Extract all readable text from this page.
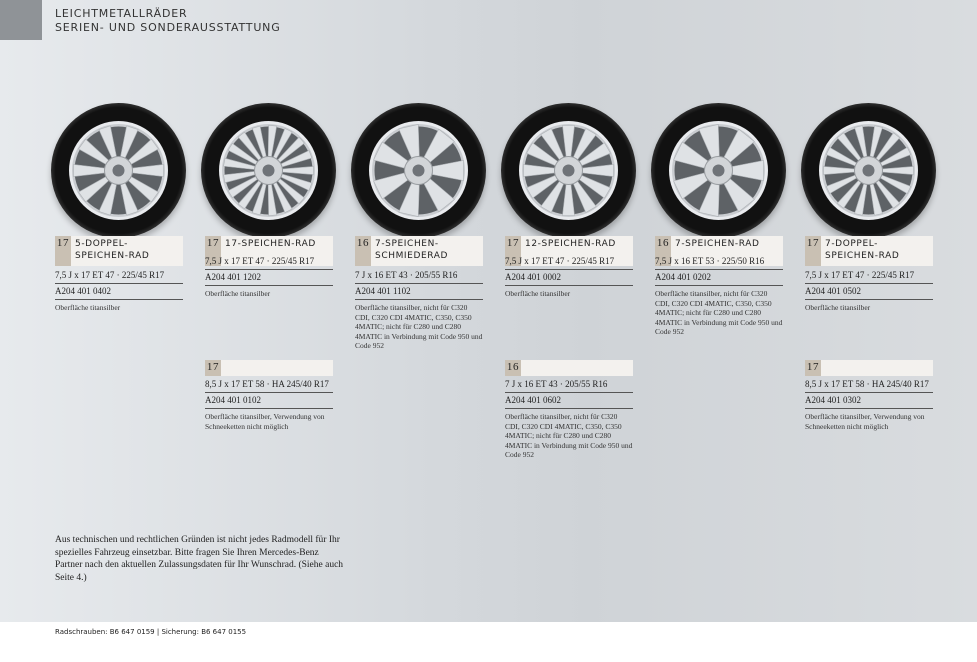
LEICHTMETALLRÄDER
SERIEN- UND SONDERAUSSTATTUNG
17 5-DOPPEL-
SPEICHEN-RAD
7,5 J x 17 ET 47 · 225/45 R17
A204 401 0402
Oberfläche titansilber
17 17-SPEICHEN-RAD
7,5 J x 17 ET 47 · 225/45 R17
A204 401 1202
Oberfläche titansilber
16 7-SPEICHEN-
SCHMIEDERAD
7 J x 16 ET 43 · 205/55 R16
A204 401 1102
Oberfläche titansilber, nicht für C320 CDI, C320 CDI 4MATIC, C350, C350 4MATIC; nicht für C280 und C280 4MATIC in Verbindung mit Code 950 und Code 952
17 12-SPEICHEN-RAD
7,5 J x 17 ET 47 · 225/45 R17
A204 401 0002
Oberfläche titansilber
16 7-SPEICHEN-RAD
7,5 J x 16 ET 53 · 225/50 R16
A204 401 0202
Oberfläche titansilber, nicht für C320 CDI, C320 CDI 4MATIC, C350, C350 4MATIC; nicht für C280 und C280 4MATIC in Verbindung mit Code 950 und Code 952
17 7-DOPPEL-
SPEICHEN-RAD
7,5 J x 17 ET 47 · 225/45 R17
A204 401 0502
Oberfläche titansilber
17
8,5 J x 17 ET 58 · HA 245/40 R17
A204 401 0102
Oberfläche titansilber, Verwendung von Schneeketten nicht möglich
16
7 J x 16 ET 43 · 205/55 R16
A204 401 0602
Oberfläche titansilber, nicht für C320 CDI, C320 CDI 4MATIC, C350, C350 4MATIC; nicht für C280 und C280 4MATIC in Verbindung mit Code 950 und Code 952
17
8,5 J x 17 ET 58 · HA 245/40 R17
A204 401 0302
Oberfläche titansilber, Verwendung von Schneeketten nicht möglich
Aus technischen und rechtlichen Gründen ist nicht jedes Radmodell für Ihr spezielles Fahrzeug einsetzbar. Bitte fragen Sie Ihren Mercedes-Benz Partner nach den aktuellen Zulassungsdaten für Ihr Wunschrad. (Siehe auch Seite 4.)
Radschrauben: B6 647 0159 | Sicherung: B6 647 0155
